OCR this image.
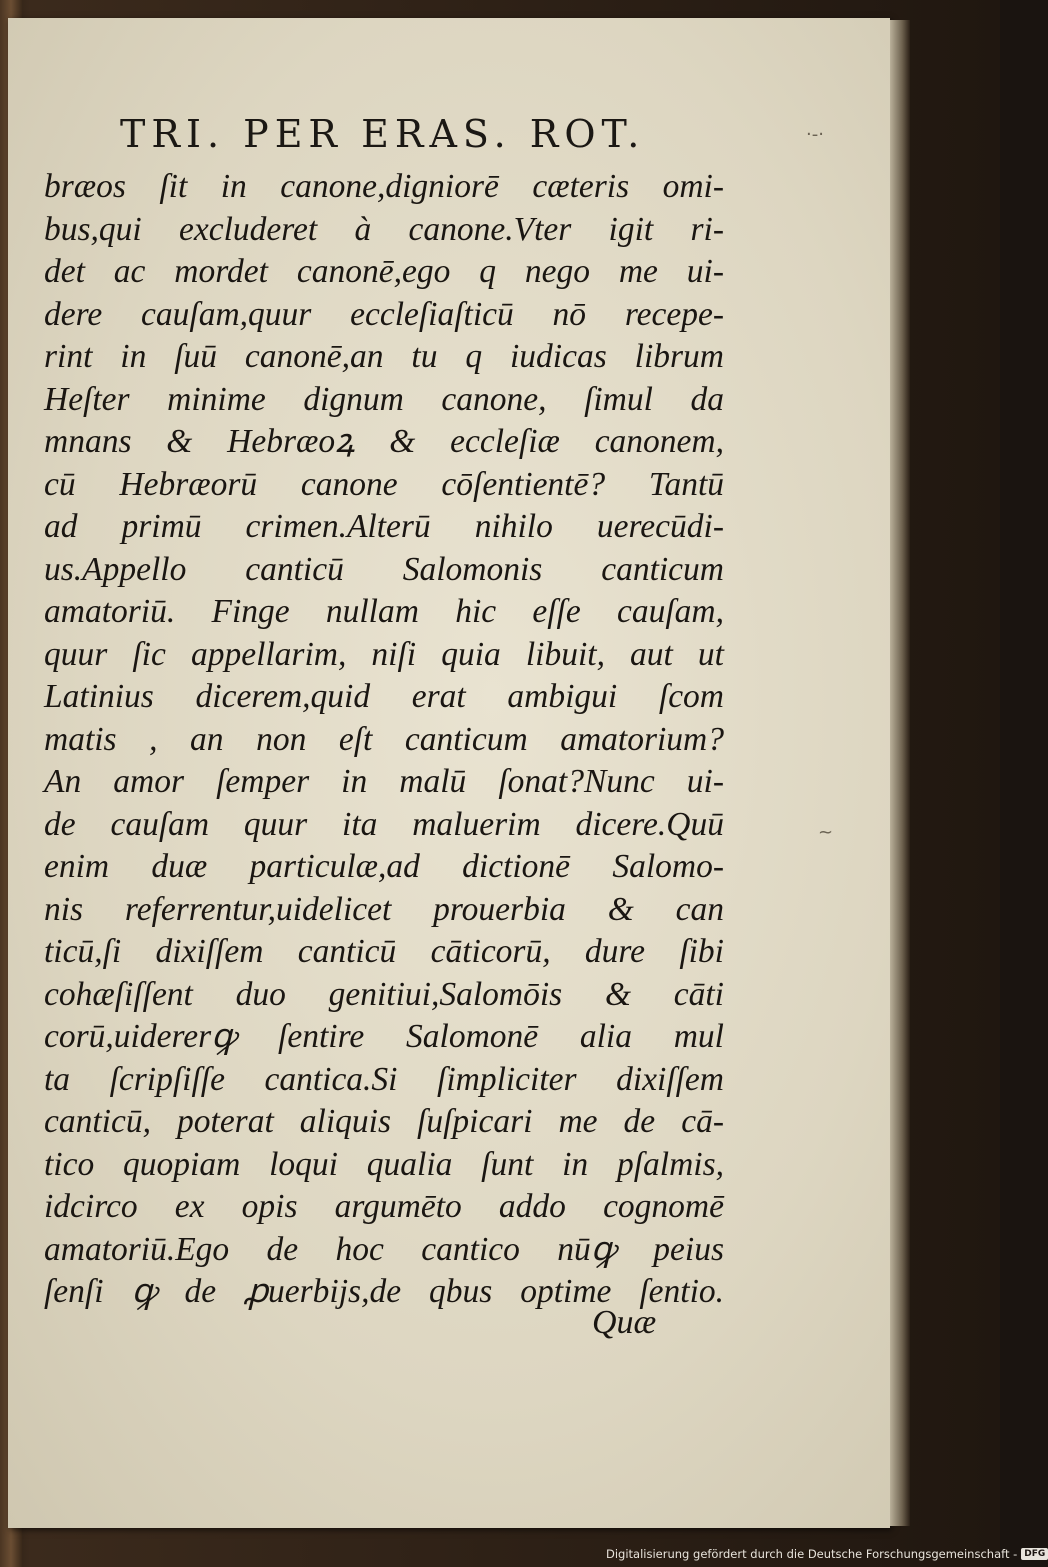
TRI. PER ERAS. ROT.	·-·
~
bræos ſit in canone,digniorē cæteris omi-
bus,qui excluderet à canone.Vter igit ri-
det ac mordet canonē,ego q nego me ui-
dere cauſam,quur eccleſiaſticū nō recepe-
rint in ſuū canonē,an tu q iudicas librum
Heſter minime dignum canone, ſimul da
mnans & Hebræoꝝ & eccleſiæ canonem,
cū Hebræorū canone cōſentientē? Tantū
ad primū crimen.Alterū nihilo uerecūdi-
us.Appello canticū Salomonis canticum
amatoriū. Finge nullam hic eſſe cauſam,
quur ſic appellarim, niſi quia libuit, aut ut
Latinius dicerem,quid erat ambigui ſcom
matis , an non eſt canticum amatorium?
An amor ſemper in malū ſonat?Nunc ui-
de cauſam quur ita maluerim dicere.Quū
enim duæ particulæ,ad dictionē Salomo-
nis referrentur,uidelicet prouerbia & can
ticū,ſi dixiſſem canticū cāticorū, dure ſibi
cohæſiſſent duo genitiui,Salomōis & cāti
corū,uidererꝙ ſentire Salomonē alia mul
ta ſcripſiſſe cantica.Si ſimpliciter dixiſſem
canticū, poterat aliquis ſuſpicari me de cā-
tico quopiam loqui qualia ſunt in pſalmis,
idcirco ex opis argumēto addo cognomē
amatoriū.Ego de hoc cantico nūꝙ peius
ſenſi ꝙ de ꝓuerbijs,de qbus optime ſentio.
Quæ
Digitalisierung gefördert durch die Deutsche Forschungsgemeinschaft - DFG
